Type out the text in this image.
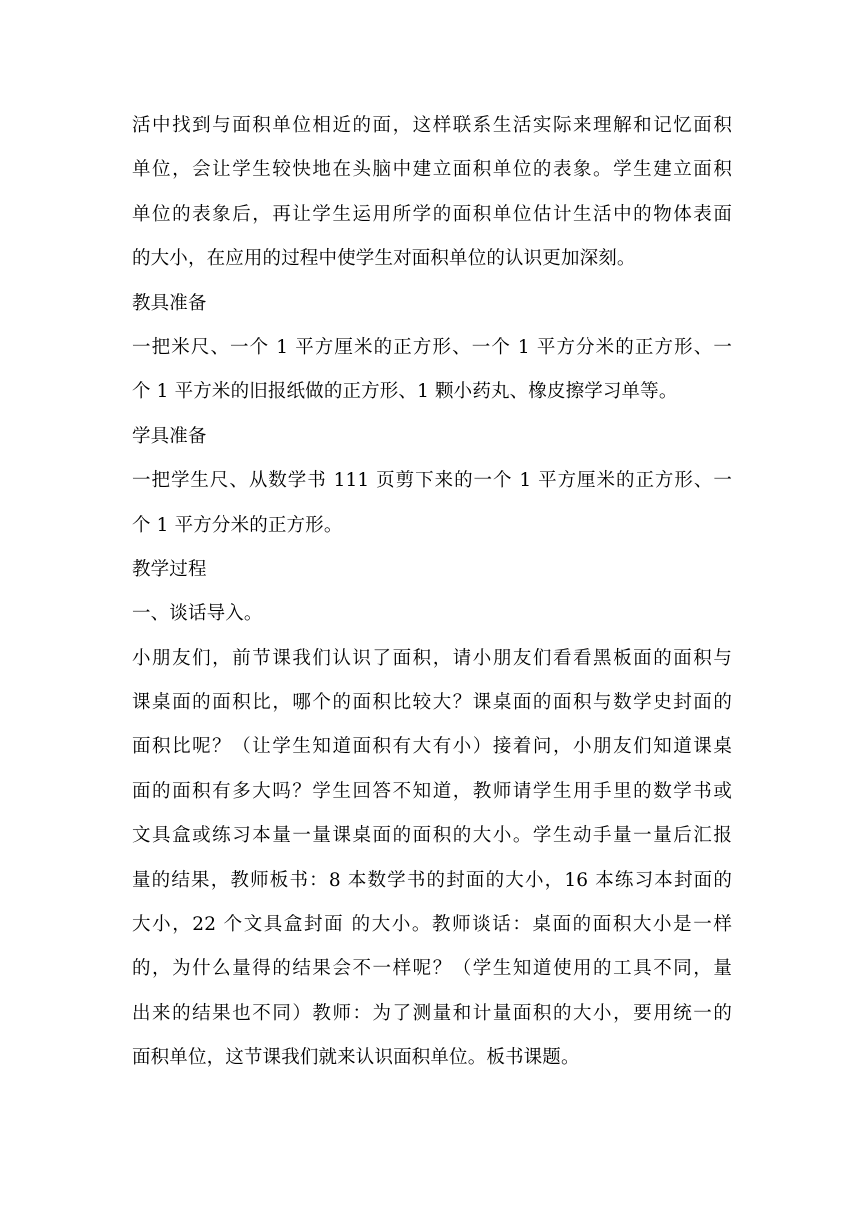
活中找到与面积单位相近的面，这样联系生活实际来理解和记忆面积
单位，会让学生较快地在头脑中建立面积单位的表象。学生建立面积
单位的表象后，再让学生运用所学的面积单位估计生活中的物体表面
的大小，在应用的过程中使学生对面积单位的认识更加深刻。
教具准备
一把米尺、一个 1 平方厘米的正方形、一个 1 平方分米的正方形、一
个 1 平方米的旧报纸做的正方形、1 颗小药丸、橡皮擦学习单等。
学具准备
一把学生尺、从数学书 111 页剪下来的一个 1 平方厘米的正方形、一
个 1 平方分米的正方形。
教学过程
一、谈话导入。
小朋友们，前节课我们认识了面积，请小朋友们看看黑板面的面积与
课桌面的面积比，哪个的面积比较大？课桌面的面积与数学史封面的
面积比呢？（让学生知道面积有大有小）接着问，小朋友们知道课桌
面的面积有多大吗？学生回答不知道，教师请学生用手里的数学书或
文具盒或练习本量一量课桌面的面积的大小。学生动手量一量后汇报
量的结果，教师板书：8 本数学书的封面的大小，16 本练习本封面的
大小，22 个文具盒封面 的大小。教师谈话：桌面的面积大小是一样
的，为什么量得的结果会不一样呢？（学生知道使用的工具不同，量
出来的结果也不同）教师：为了测量和计量面积的大小，要用统一的
面积单位，这节课我们就来认识面积单位。板书课题。
